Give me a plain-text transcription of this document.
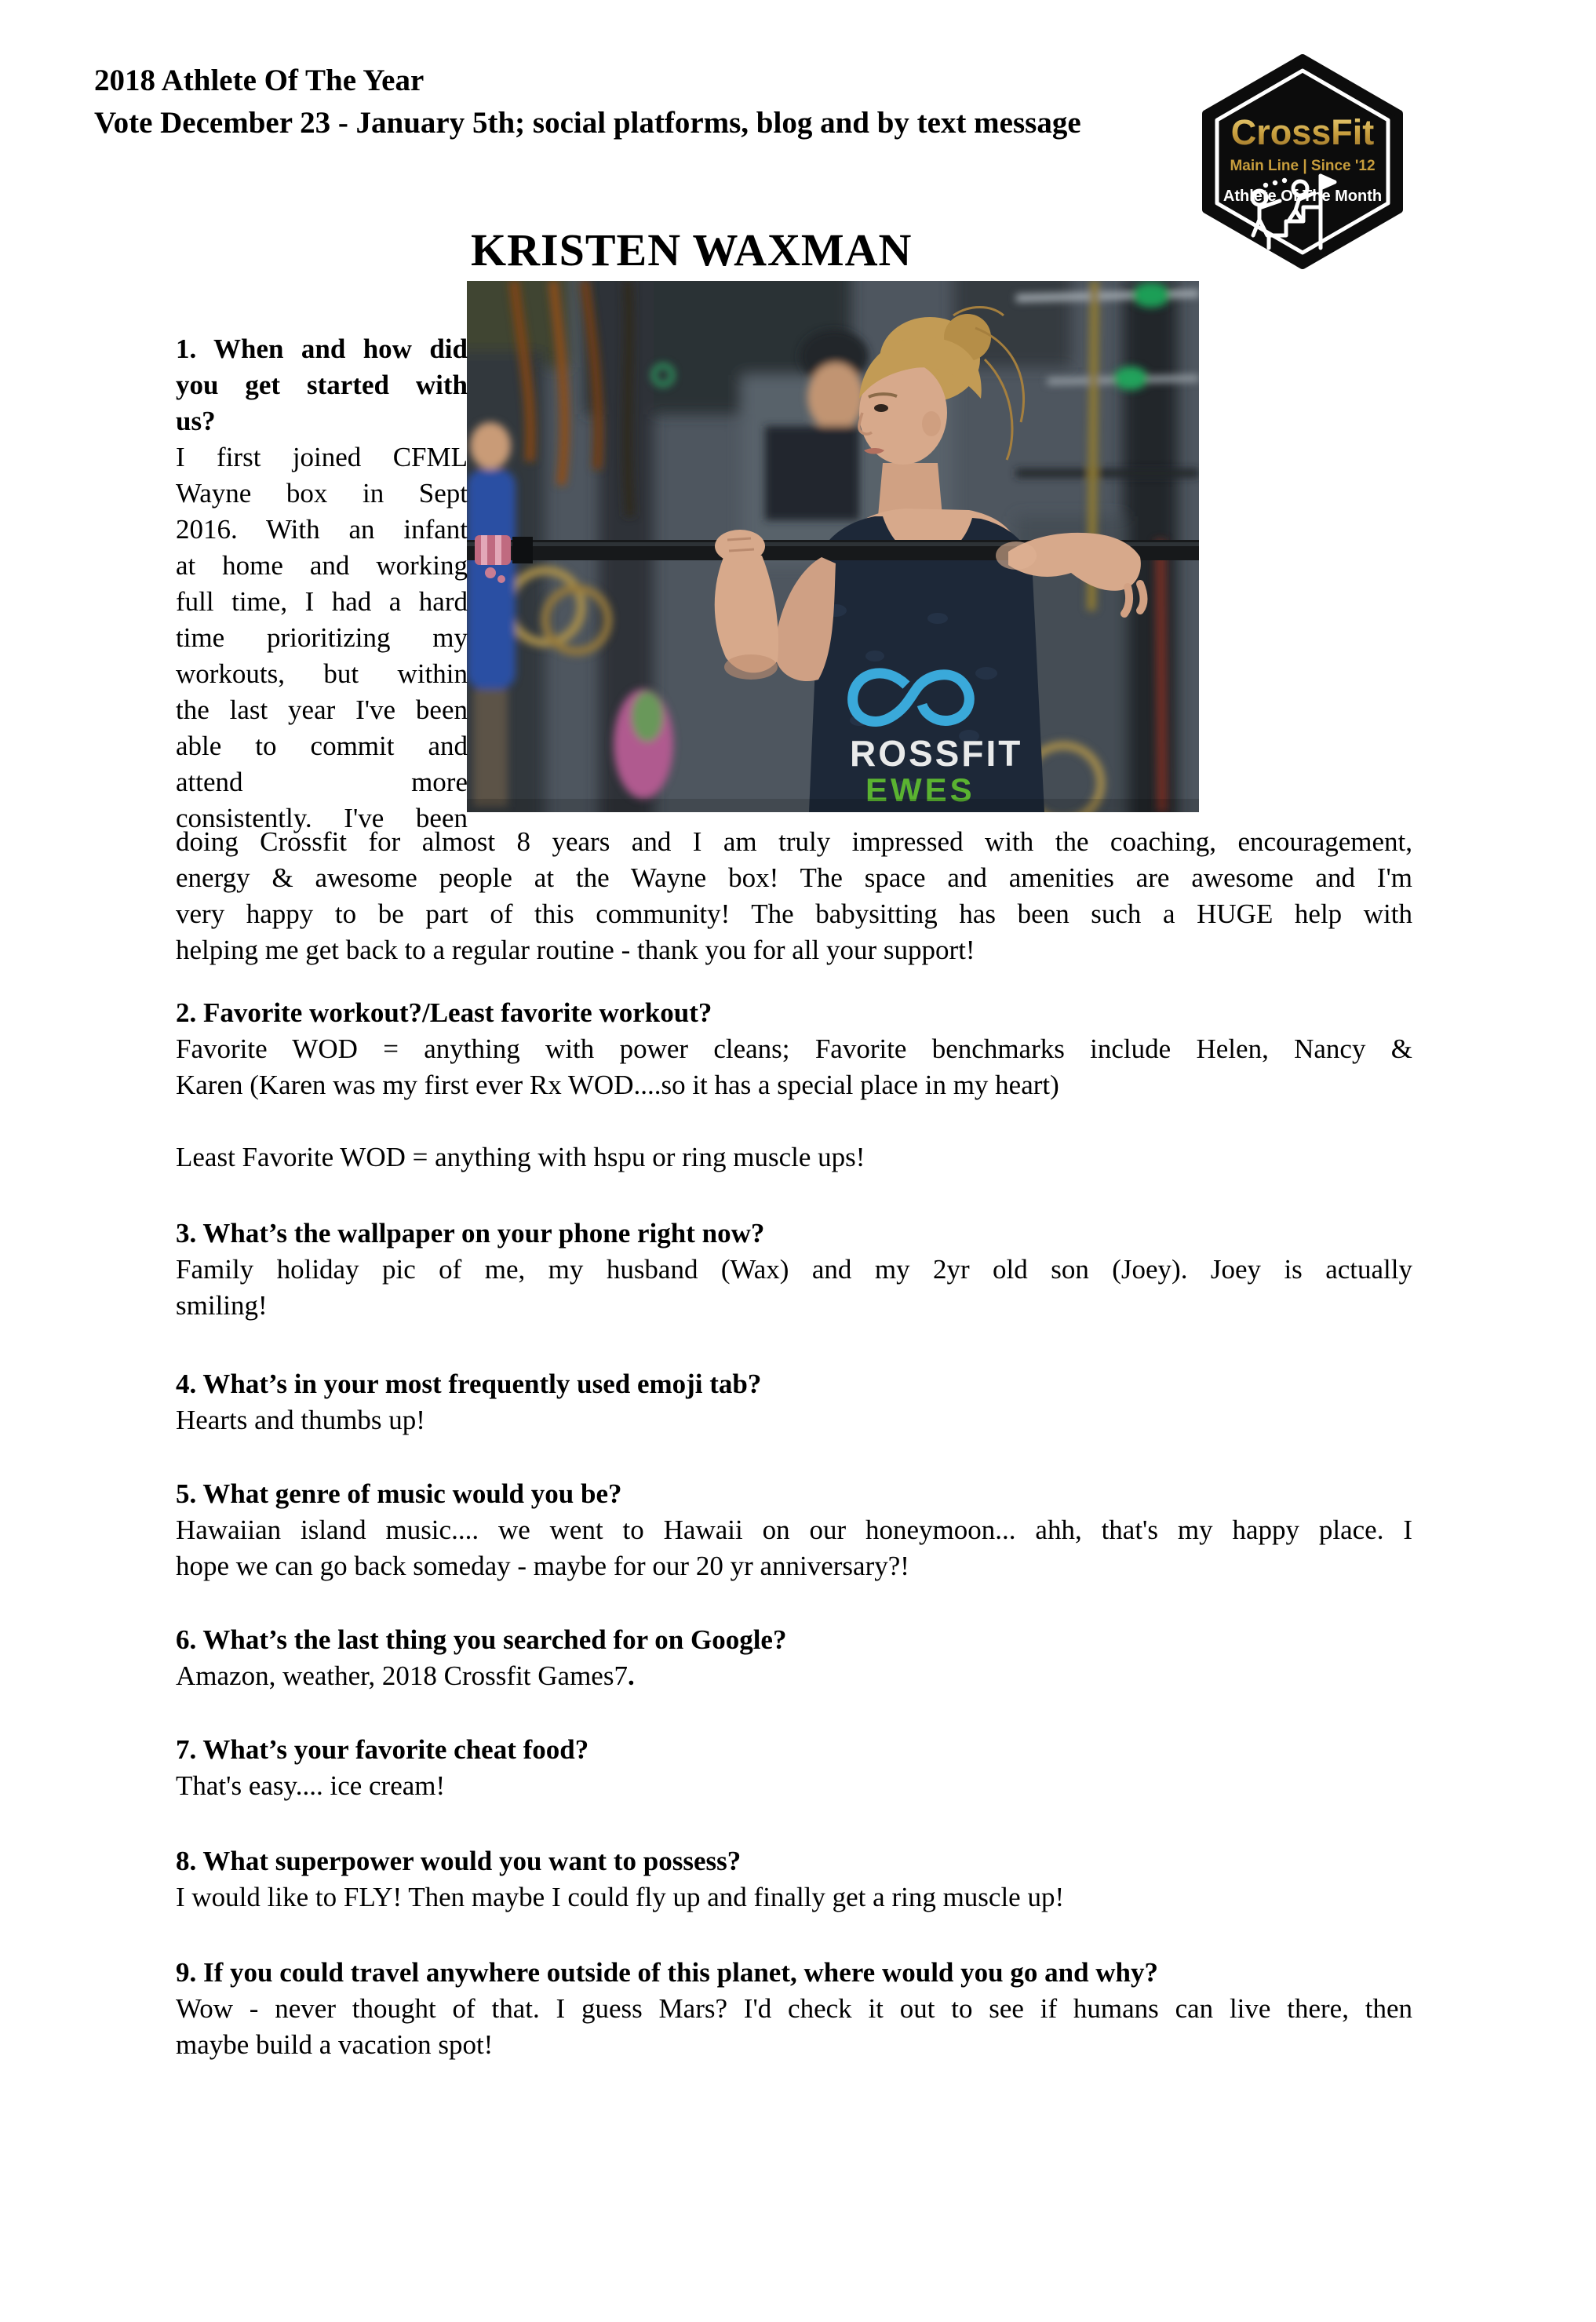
2018 Athlete Of The Year
Vote December 23 - January 5th; social platforms, blog and by text message	CrossFit
Main Line | Since '12
Athlete Of The Month
KRISTEN WAXMAN
ROSSFIT
EWES
1. When and how did
you get started with
us?
I first joined CFML
Wayne box in Sept
2016. With an infant
at home and working
full time, I had a hard
time prioritizing my
workouts, but within
the last year I've been
able to commit and
attend more
consistently. I've been
doing Crossfit for almost 8 years and I am truly impressed with the coaching, encouragement,
energy & awesome people at the Wayne box! The space and amenities are awesome and I'm
very happy to be part of this community! The babysitting has been such a HUGE help with
helping me get back to a regular routine - thank you for all your support!
2. Favorite workout?/Least favorite workout?
Favorite WOD = anything with power cleans; Favorite benchmarks include Helen, Nancy &
Karen (Karen was my first ever Rx WOD....so it has a special place in my heart)
Least Favorite WOD = anything with hspu or ring muscle ups!
3. What’s the wallpaper on your phone right now?
Family holiday pic of me, my husband (Wax) and my 2yr old son (Joey). Joey is actually
smiling!
4. What’s in your most frequently used emoji tab?
Hearts and thumbs up!
5. What genre of music would you be?
Hawaiian island music.... we went to Hawaii on our honeymoon... ahh, that's my happy place. I
hope we can go back someday - maybe for our 20 yr anniversary?!
6. What’s the last thing you searched for on Google?

Amazon, weather, 2018 Crossfit Games7.

7. What’s your favorite cheat food?
That's easy.... ice cream!
8. What superpower would you want to possess?
I would like to FLY! Then maybe I could fly up and finally get a ring muscle up!
9. If you could travel anywhere outside of this planet, where would you go and why?
Wow - never thought of that. I guess Mars? I'd check it out to see if humans can live there, then
maybe build a vacation spot!
